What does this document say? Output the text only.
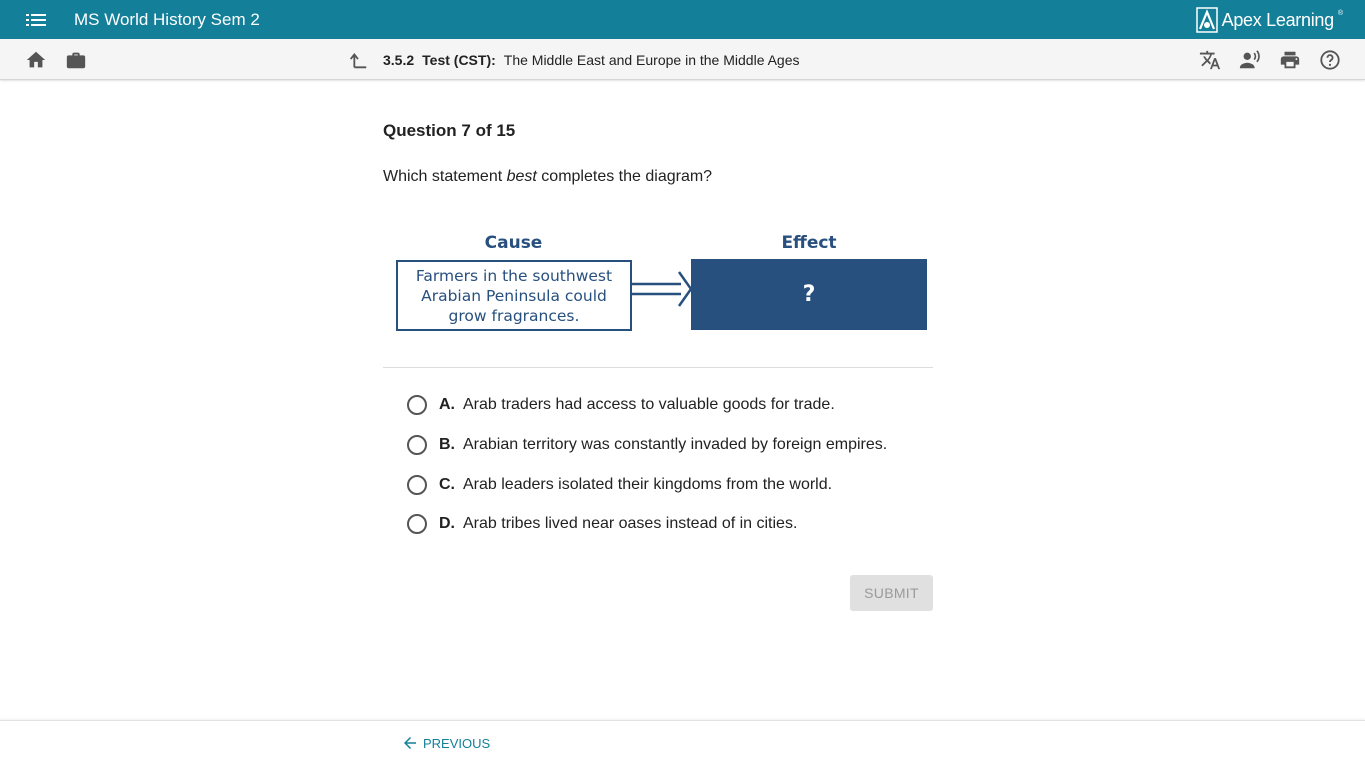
MS World History Sem 2	Apex Learning ®
3.5.2 Test (CST): The Middle East and Europe in the Middle Ages
Question 7 of 15
Which statement best completes the diagram?
Cause	Effect
Farmers in the southwest Arabian Peninsula could grow fragrances.
?
A. Arab traders had access to valuable goods for trade.
B. Arabian territory was constantly invaded by foreign empires.
C. Arab leaders isolated their kingdoms from the world.
D. Arab tribes lived near oases instead of in cities.
SUBMIT
PREVIOUS
